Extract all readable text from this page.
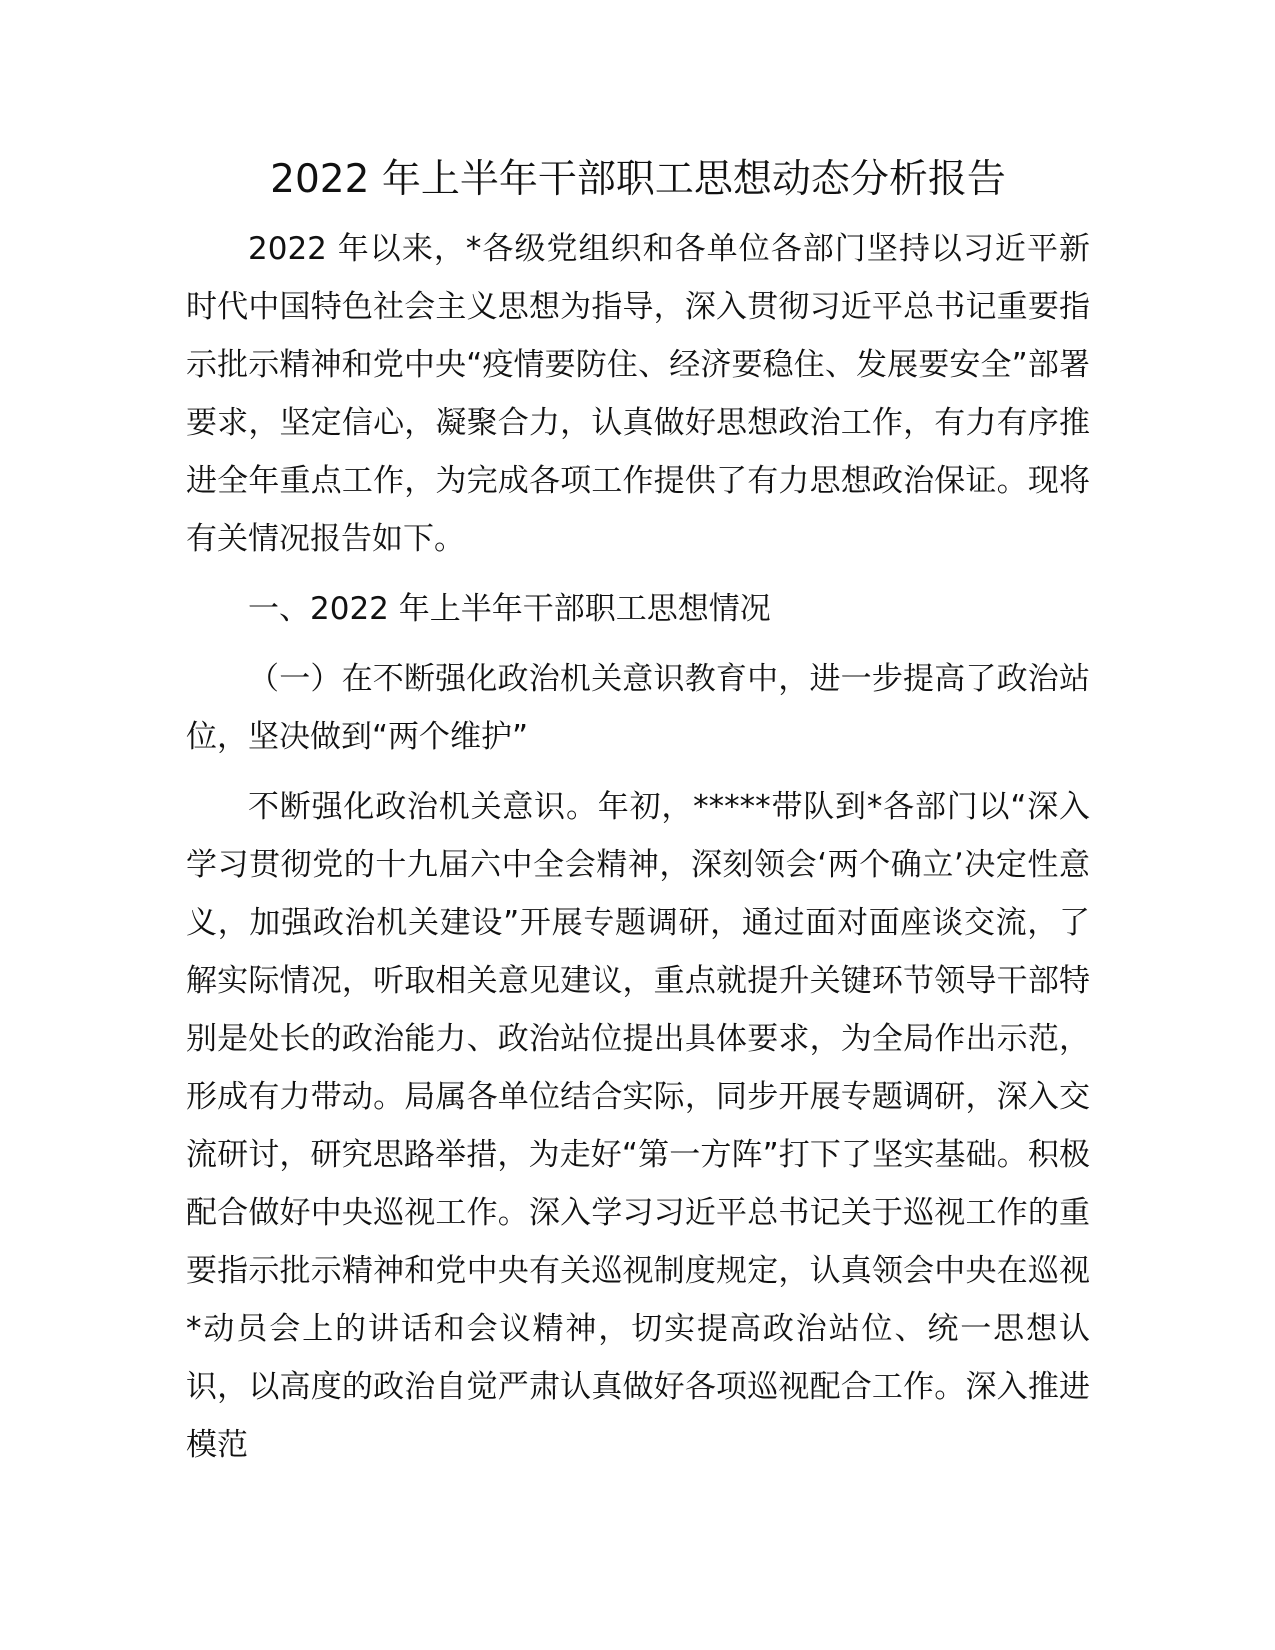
2022 年上半年干部职工思想动态分析报告

2022 年以来，*各级党组织和各单位各部门坚持以习近平新时代中国特色社会主义思想为指导，深入贯彻习近平总书记重要指示批示精神和党中央“疫情要防住、经济要稳住、发展要安全”部署要求，坚定信心，凝聚合力，认真做好思想政治工作，有力有序推进全年重点工作，为完成各项工作提供了有力思想政治保证。现将有关情况报告如下。

一、2022 年上半年干部职工思想情况

（一）在不断强化政治机关意识教育中，进一步提高了政治站位，坚决做到“两个维护”

不断强化政治机关意识。年初，*****带队到*各部门以“深入学习贯彻党的十九届六中全会精神，深刻领会‘两个确立’决定性意义，加强政治机关建设”开展专题调研，通过面对面座谈交流，了解实际情况，听取相关意见建议，重点就提升关键环节领导干部特别是处长的政治能力、政治站位提出具体要求，为全局作出示范，形成有力带动。局属各单位结合实际，同步开展专题调研，深入交流研讨，研究思路举措，为走好“第一方阵”打下了坚实基础。积极配合做好中央巡视工作。深入学习习近平总书记关于巡视工作的重要指示批示精神和党中央有关巡视制度规定，认真领会中央在巡视*动员会上的讲话和会议精神，切实提高政治站位、统一思想认识，以高度的政治自觉严肃认真做好各项巡视配合工作。深入推进模范
